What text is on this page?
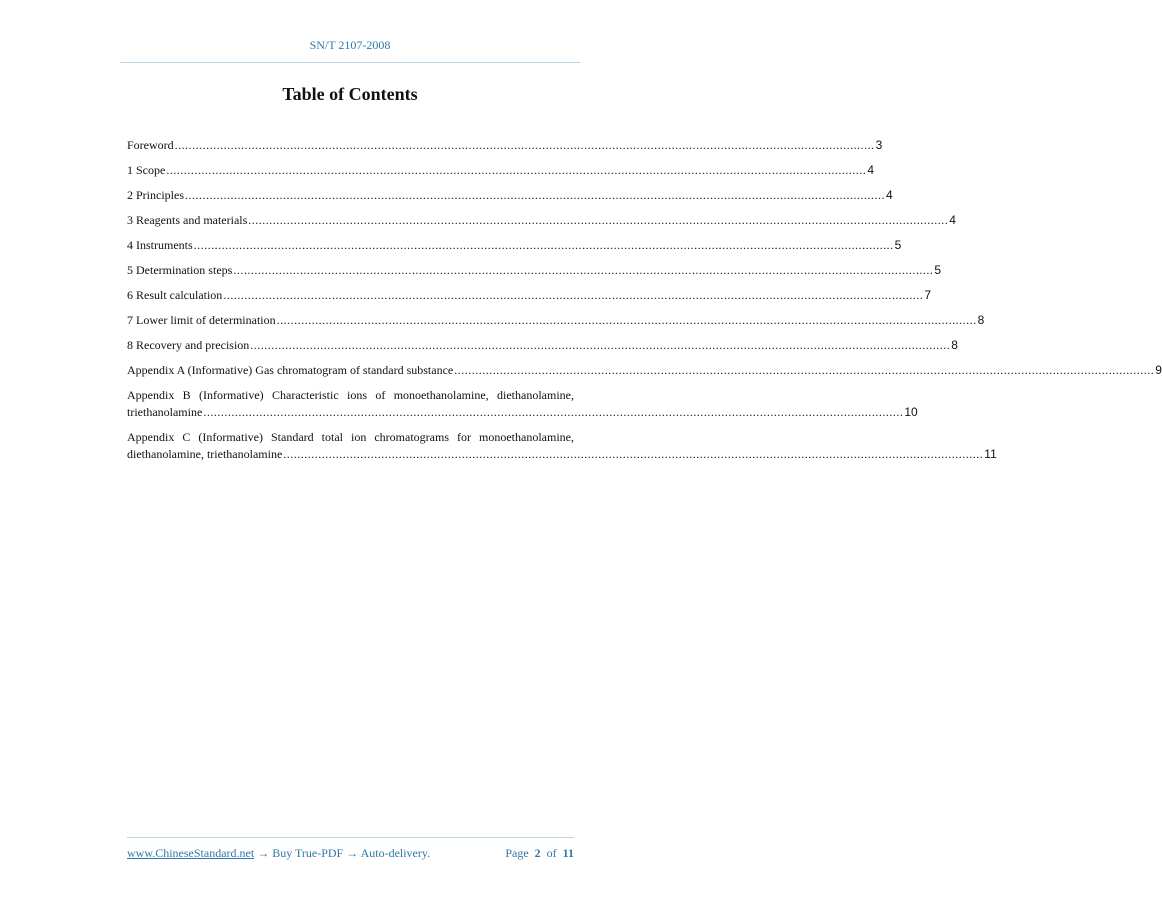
SN/T 2107-2008
Table of Contents
Foreword ........................................................................................................................................................................................................ 3
1 Scope ........................................................................................................................................................................................................ 4
2 Principles ........................................................................................................................................................................................................ 4
3 Reagents and materials ........................................................................................................................................................................................................ 4
4 Instruments ........................................................................................................................................................................................................ 5
5 Determination steps ........................................................................................................................................................................................................ 5
6 Result calculation ........................................................................................................................................................................................................ 7
7 Lower limit of determination ........................................................................................................................................................................................................ 8
8 Recovery and precision ........................................................................................................................................................................................................ 8
Appendix A (Informative) Gas chromatogram of standard substance ........................................................................................................................................................................................................ 9
Appendix B (Informative) Characteristic ions of monoethanolamine, diethanolamine,
triethanolamine ........................................................................................................................................................................................................ 10
Appendix C (Informative) Standard total ion chromatograms for monoethanolamine,
diethanolamine, triethanolamine ........................................................................................................................................................................................................ 11
www.ChineseStandard.net → Buy True-PDF → Auto-delivery.	Page 2 of 11
